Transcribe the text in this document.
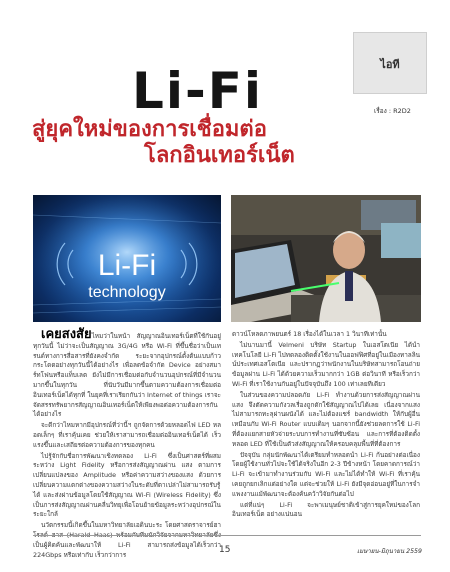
ไอที
เรื่อง : R2D2
Li-Fi
สู่ยุคใหม่ของการเชื่อมต่อ
โลกอินเทอร์เน็ต
Li-Fi
technology

เคยสงสัยไหมว่าในหน้า สัญญาณอินเทอร์เน็ตที่ใช้กันอยู่ทุกวันนี้ ไม่ว่าจะเป็นสัญญาณ 3G/4G หรือ Wi-Fi ที่ขึ้นชื่อว่าเป็นเทรนด์ทางการสื่อสารที่ยังคงจำกัด ระยะจากอุปกรณ์ตั้งต้นแบบก้าวกระโดดอย่างทุกวันนี้ได้อย่างไร เพื่อลดข้อจำกัด Device อย่างสมาร์ทโฟนหรือแท็บเลต ยังไม่มีการเชื่อมต่อกับจำนวนอุปกรณ์ที่มีจำนวนมากขึ้นในทุกวัน ที่นับวันมีมากขึ้นตามความต้องการเชื่อมต่ออินเทอร์เน็ตได้ทุกที่ ในยุคที่เราเรียกกันว่า Internet of things เราจะจัดสรรทรัพยากรสัญญาณอินเทอร์เน็ตให้เพียงพอต่อความต้องการกันได้อย่างไร

จะดีกว่าไหมหากมีอุปกรณ์ที่ว่านี้ฯ ถูกจัดการด้วยหลอดไฟ LED หลอดเล็กๆ ที่เราคุ้นเคย ช่วยให้เราสามารถเชื่อมต่ออินเทอร์เน็ตได้ เร็วแรงขึ้นและเสถียรต่อความต้องการของทุกคน

ไปรู้จักกับชื่อการพัฒนาเชิงทดลอง Li-Fi ซึ่งเป็นศาสตร์ที่ผสมระหว่าง Light Fidelity หรือการส่งสัญญาณผ่าน แสง ตามการเปลี่ยนแปลงของ Amplitude หรือค่าความสว่างของแสง ด้วยการเปลี่ยนความแตกต่างของความสว่างในระดับที่ตาเปล่าไม่สามารถรับรู้ได้ และส่งผ่านข้อมูลโดยใช้สัญญาณ Wi-Fi (Wireless Fidelity) ซึ่งเป็นการส่งสัญญาณผ่านคลื่นวิทยุเพื่อโอนย้ายข้อมูลระหว่างอุปกรณ์ในระยะใกล้

นวัตกรรมนี้เกิดขึ้นในมหาวิทยาลัยเอดินบะระ โดยศาสตราจารย์ฮา เป็นผู้คิดค้นและพัฒนาให้ Li-Fi สามารถส่งข้อมูลได้เร็วกว่า 224Gbps หรือเท่ากับ เร็วกว่าการ

ดาวน์โหลดภาพยนตร์ 18 เรื่องได้ในเวลา 1 วินาทีเท่านั้น

ไม่นานมานี้ Velmeni บริษัท Startup ในเอสโตเนีย ได้นำเทคโนโลยี Li-Fi ไปทดลองติดตั้งใช้งานในออฟฟิศที่อยู่ในเมืองทาลลินน์ประเทศเอสโตเนีย และปรากฏว่าพนักงานในบริษัทสามารถโอนถ่ายข้อมูลผ่าน Li-Fi ได้ด้วยความเร็วมากกว่า 1GB ต่อวินาที หรือเร็วกว่า Wi-Fi ที่เราใช้งานกันอยู่ในปัจจุบันถึง 100 เท่าเลยทีเดียว

ในส่วนของความปลอดภัย Li-Fi ทำงานด้วยการส่งสัญญาณผ่านแสง จึงตัดความกังวลเรื่องถูกดักใช้สัญญาณไปได้เลย เนื่องจากแสงไม่สามารถทะลุผ่านผนังได้ และไม่ต้องแชร์ bandwidth ให้กับผู้อื่นเหมือนกับ Wi-Fi Router แบบเดิมๆ นอกจากนี้ยังช่วยลดการใช้ Li-Fi ที่ต้องแยกสายหัวจ่ายระบบการทำงานที่ซับซ้อน และการที่ต้องติดตั้งหลอด LED ที่ใช้เป็นตัวส่งสัญญาณให้ครอบคลุมพื้นที่ที่ต้องการ

ปัจจุบัน กลุ่มนักพัฒนาได้เตรียมทำหลอดนำ Li-Fi ก้นอย่างต่อเนื่อง โดยผู้ใช้งานทั่วไปจะใช้ได้จริงในอีก 2-3 ปีข้างหน้า โดยคาดการณ์ว่า Li-Fi จะเข้ามาทำงานร่วมกับ Wi-Fi และไม่ได้ทำให้ Wi-Fi ที่เราคุ้นเคยถูกยกเลิกแต่อย่างใด แต่จะช่วยให้ Li-Fi ยังมีจุดอ่อนอยู่ที่ในการจำแพงงานแม้พัฒนาจะต้องค้นคว้าวิจัยกันต่อไป

แต่ที่แน่ๆ Li-Fi จะพาเมนุษย์ชาติเข้าสู่การยุคใหม่ของโลกอินเทอร์เน็ต อย่างแน่นอน

15	เมษายน-มิถุนายน 2559
